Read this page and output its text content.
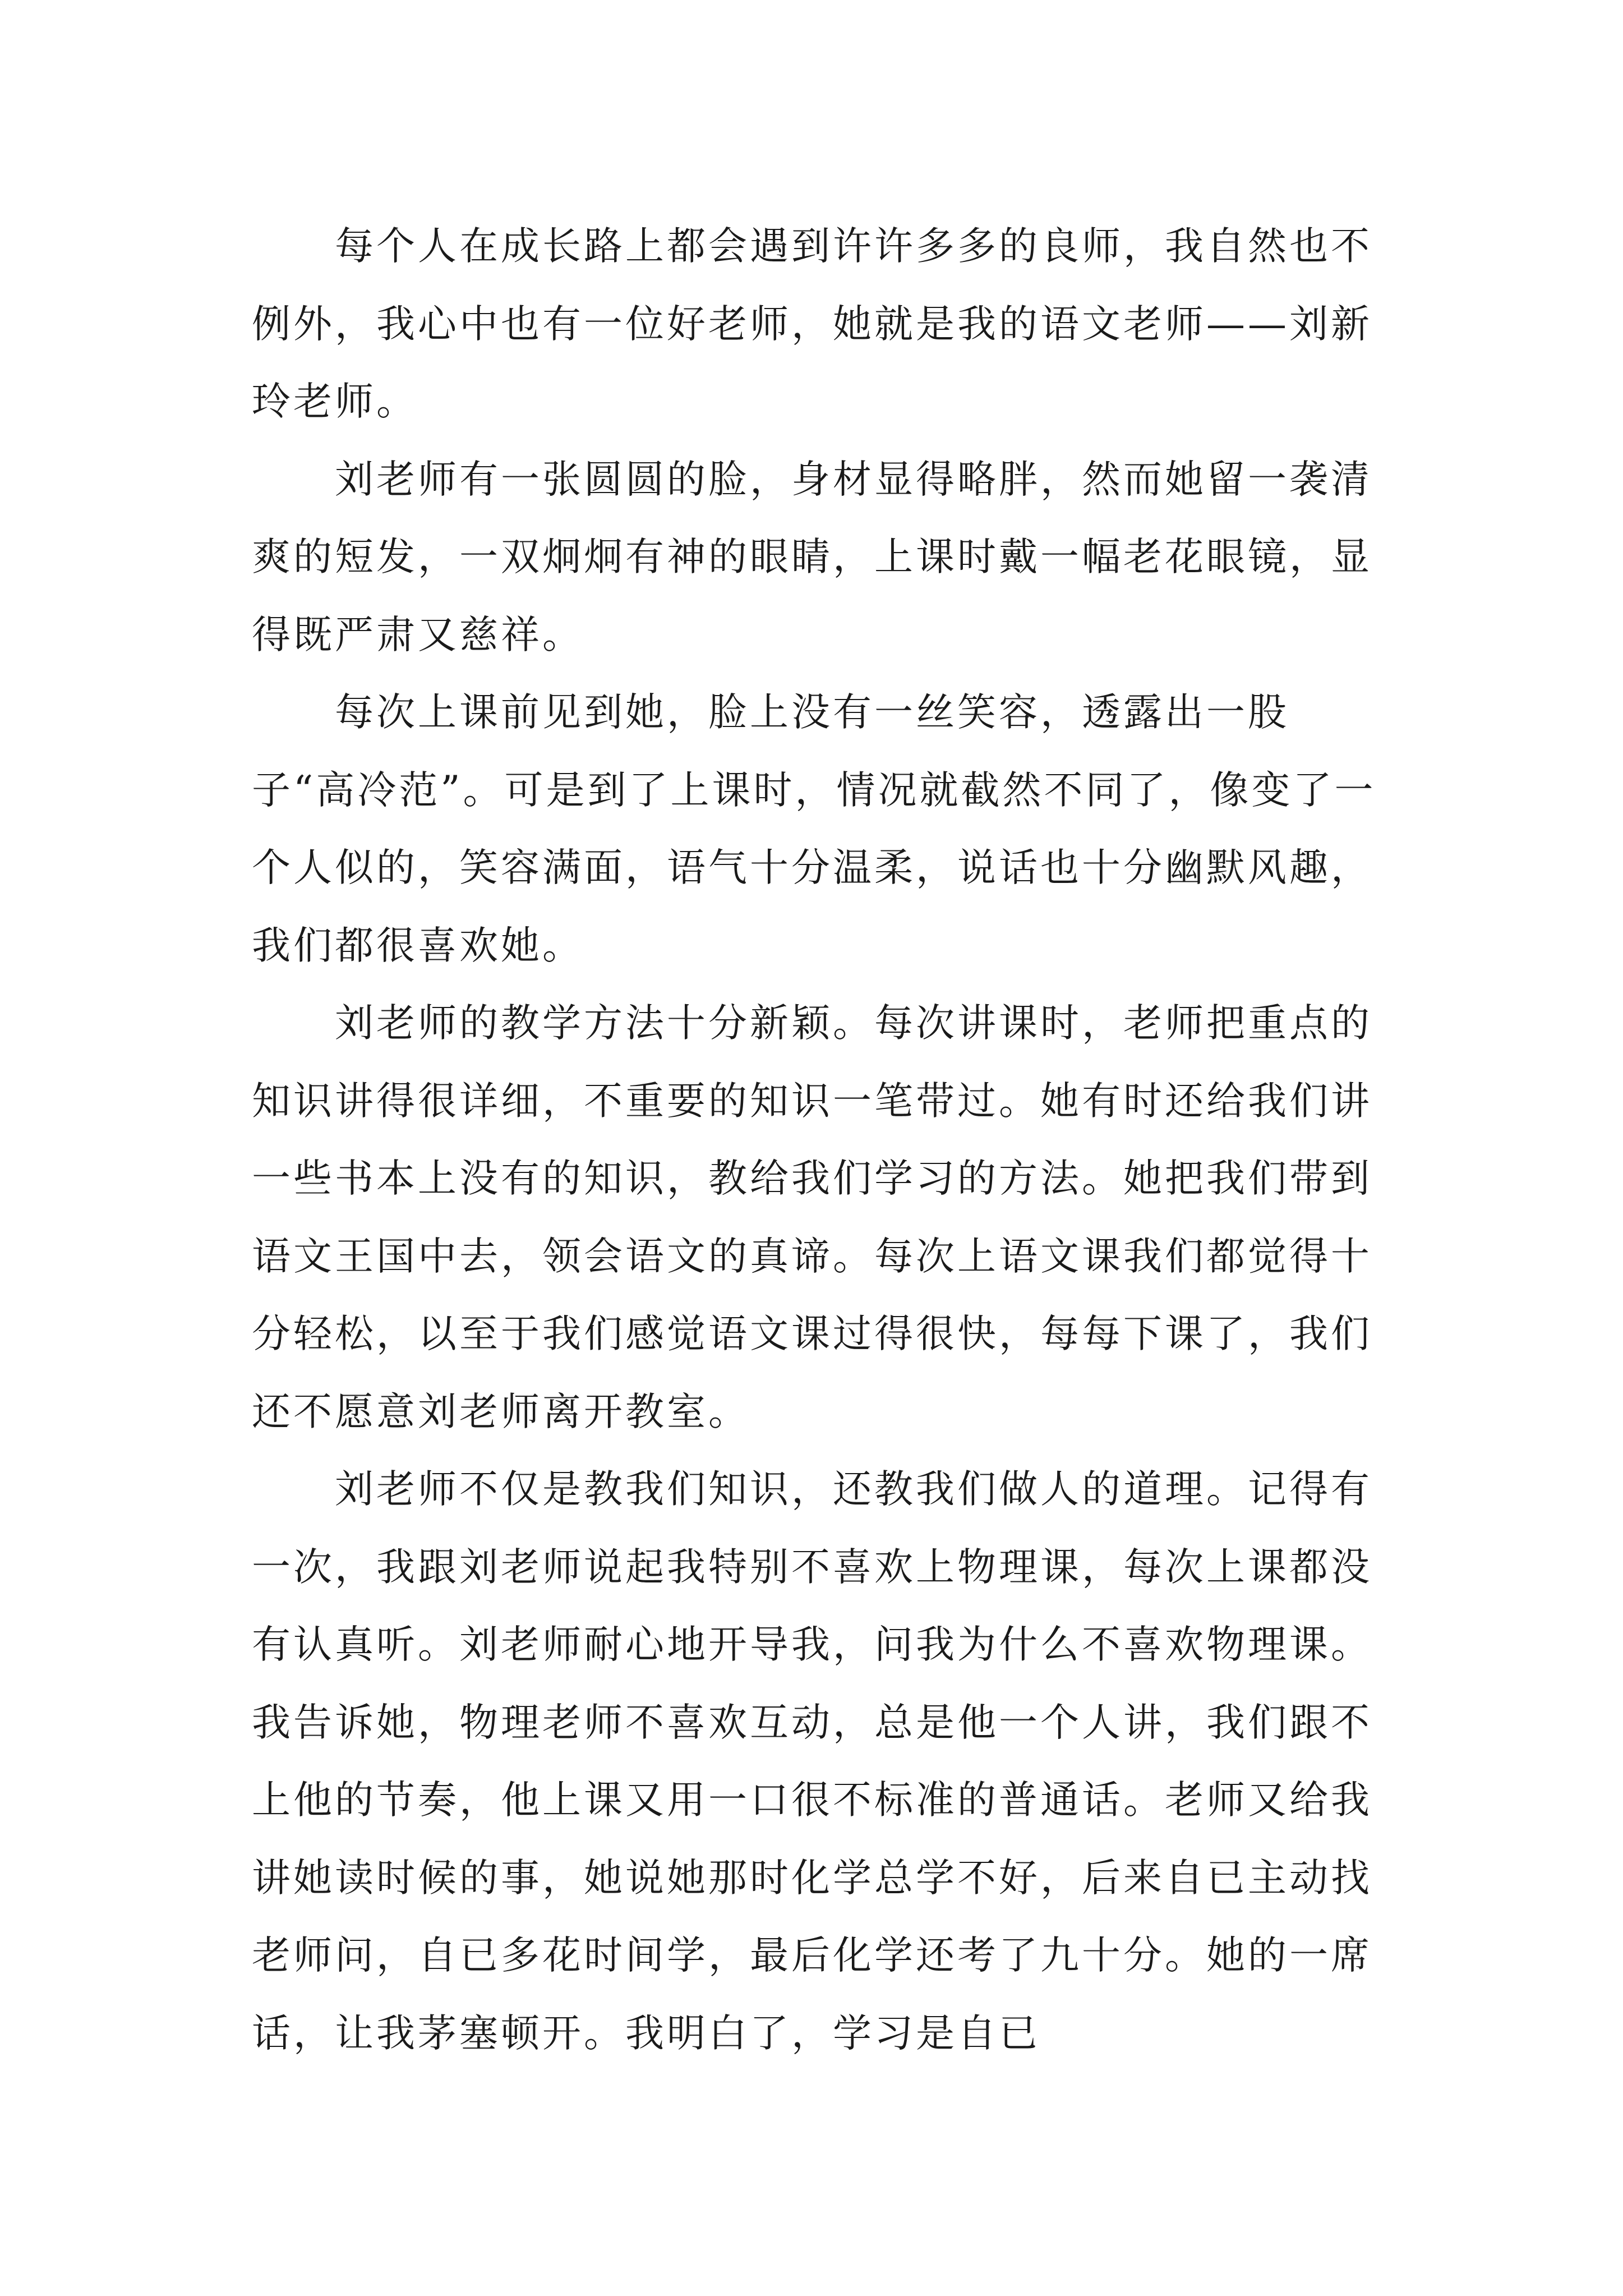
每个人在成长路上都会遇到许许多多的良师，我自然也不例外，我心中也有一位好老师，她就是我的语文老师——刘新玲老师。

刘老师有一张圆圆的脸，身材显得略胖，然而她留一袭清爽的短发，一双炯炯有神的眼睛，上课时戴一幅老花眼镜，显得既严肃又慈祥。

每次上课前见到她，脸上没有一丝笑容，透露出一股子“高冷范”。可是到了上课时，情况就截然不同了，像变了一个人似的，笑容满面，语气十分温柔，说话也十分幽默风趣，我们都很喜欢她。

刘老师的教学方法十分新颖。每次讲课时，老师把重点的知识讲得很详细，不重要的知识一笔带过。她有时还给我们讲一些书本上没有的知识，教给我们学习的方法。她把我们带到语文王国中去，领会语文的真谛。每次上语文课我们都觉得十分轻松，以至于我们感觉语文课过得很快，每每下课了，我们还不愿意刘老师离开教室。

刘老师不仅是教我们知识，还教我们做人的道理。记得有一次，我跟刘老师说起我特别不喜欢上物理课，每次上课都没有认真听。刘老师耐心地开导我，问我为什么不喜欢物理课。我告诉她，物理老师不喜欢互动，总是他一个人讲，我们跟不上他的节奏，他上课又用一口很不标准的普通话。老师又给我讲她读时候的事，她说她那时化学总学不好，后来自已主动找老师问，自已多花时间学，最后化学还考了九十分。她的一席话，让我茅塞顿开。我明白了，学习是自已
